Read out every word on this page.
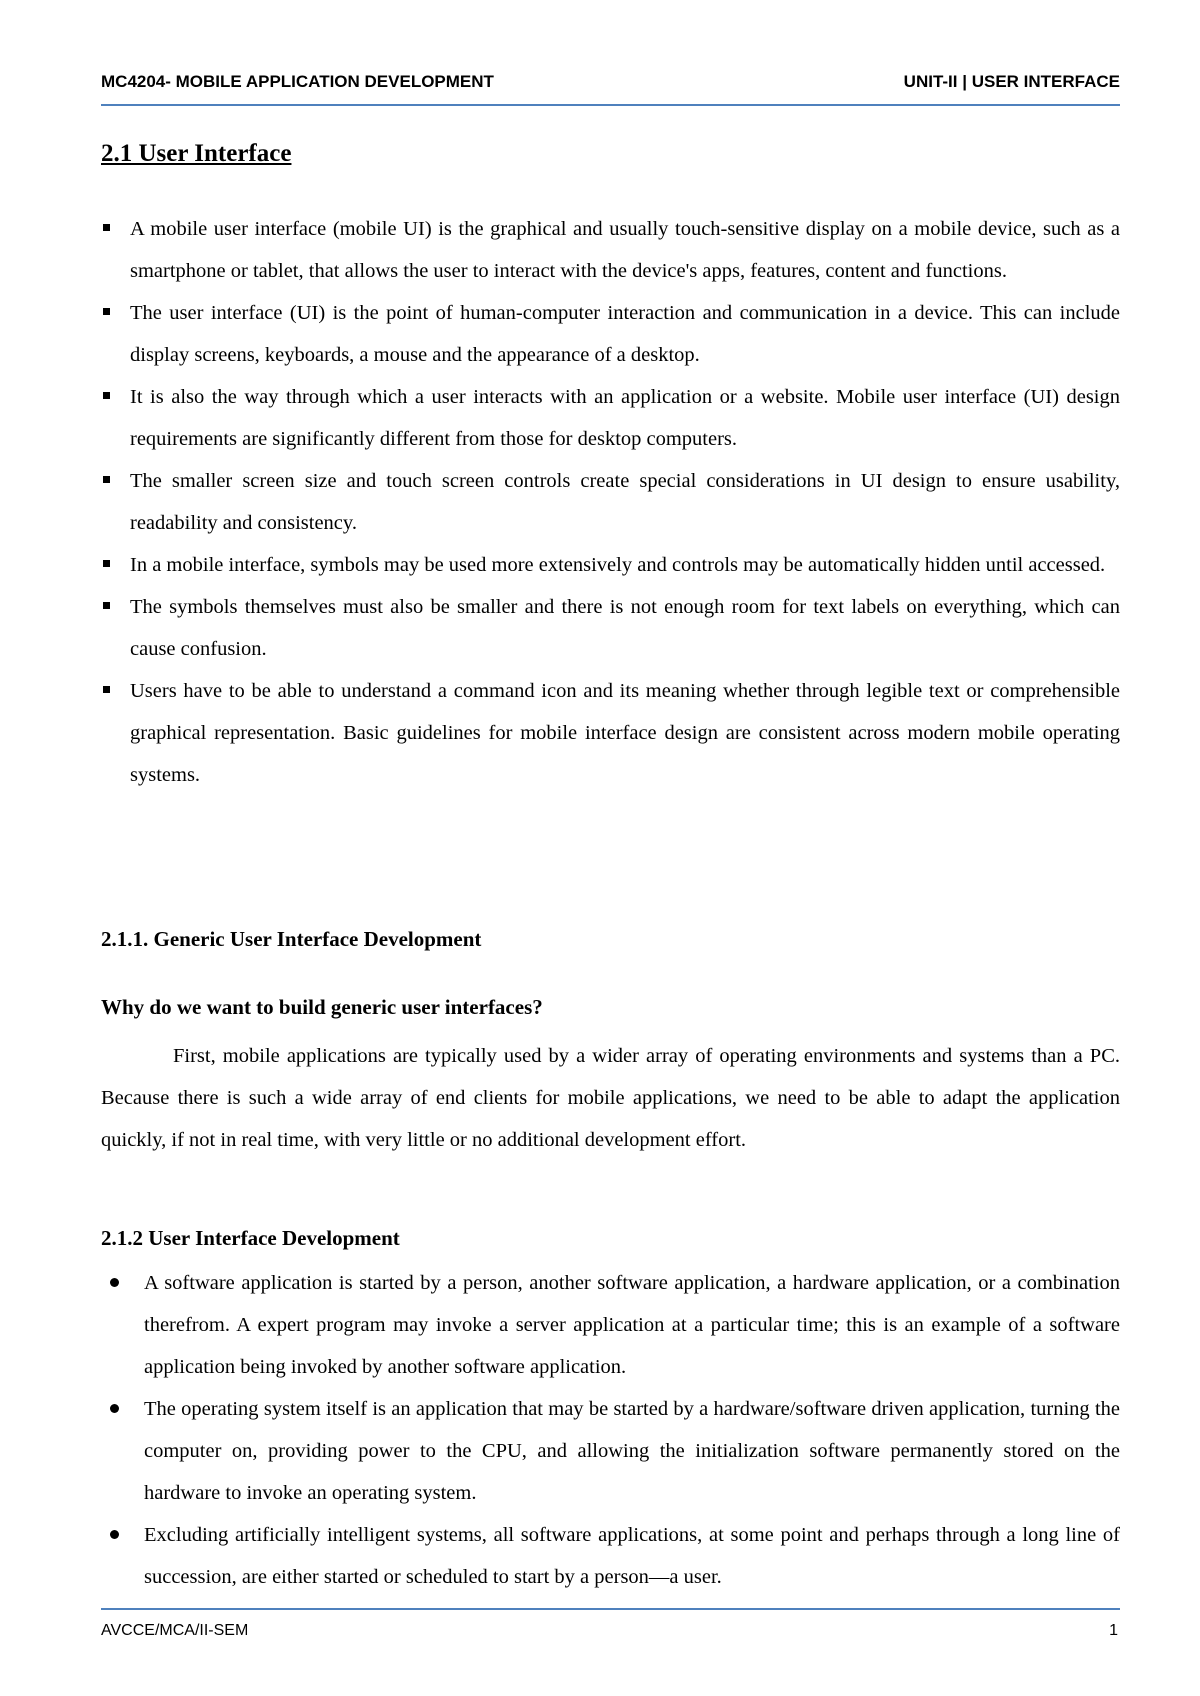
MC4204- MOBILE APPLICATION DEVELOPMENT	UNIT-II | USER INTERFACE
2.1 User Interface
A mobile user interface (mobile UI) is the graphical and usually touch-sensitive display on a mobile device, such as a smartphone or tablet, that allows the user to interact with the device's apps, features, content and functions.
The user interface (UI) is the point of human-computer interaction and communication in a device. This can include display screens, keyboards, a mouse and the appearance of a desktop.
It is also the way through which a user interacts with an application or a website. Mobile user interface (UI) design requirements are significantly different from those for desktop computers.
The smaller screen size and touch screen controls create special considerations in UI design to ensure usability, readability and consistency.
In a mobile interface, symbols may be used more extensively and controls may be automatically hidden until accessed.
The symbols themselves must also be smaller and there is not enough room for text labels on everything, which can cause confusion.
Users have to be able to understand a command icon and its meaning whether through legible text or comprehensible graphical representation. Basic guidelines for mobile interface design are consistent across modern mobile operating systems.
2.1.1. Generic User Interface Development
Why do we want to build generic user interfaces?
First, mobile applications are typically used by a wider array of operating environments and systems than a PC. Because there is such a wide array of end clients for mobile applications, we need to be able to adapt the application quickly, if not in real time, with very little or no additional development effort.
2.1.2 User Interface Development
A software application is started by a person, another software application, a hardware application, or a combination therefrom. A expert program may invoke a server application at a particular time; this is an example of a software application being invoked by another software application.
The operating system itself is an application that may be started by a hardware/software driven application, turning the computer on, providing power to the CPU, and allowing the initialization software permanently stored on the hardware to invoke an operating system.
Excluding artificially intelligent systems, all software applications, at some point and perhaps through a long line of succession, are either started or scheduled to start by a person—a user.
AVCCE/MCA/II-SEM	1
